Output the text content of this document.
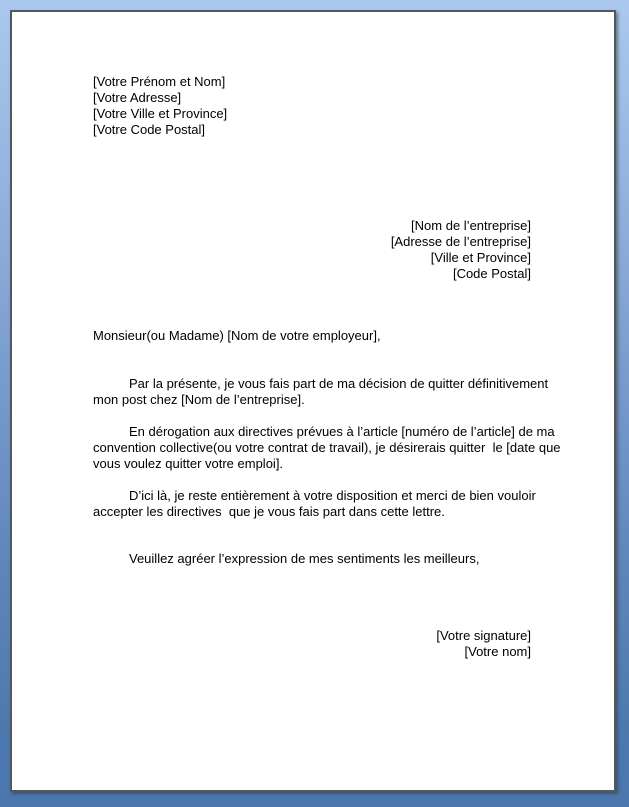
[Votre Prénom et Nom]
[Votre Adresse]
[Votre Ville et Province]
[Votre Code Postal]
[Nom de l’entreprise]
[Adresse de l’entreprise]
[Ville et Province]
[Code Postal]
Monsieur(ou Madame) [Nom de votre employeur],
Par la présente, je vous fais part de ma décision de quitter définitivement
mon post chez [Nom de l’entreprise].
En dérogation aux directives prévues à l’article [numéro de l’article] de ma
convention collective(ou votre contrat de travail), je désirerais quitter  le [date que
vous voulez quitter votre emploi].
D’ici là, je reste entièrement à votre disposition et merci de bien vouloir
accepter les directives  que je vous fais part dans cette lettre.
Veuillez agréer l’expression de mes sentiments les meilleurs,
[Votre signature]
[Votre nom]
